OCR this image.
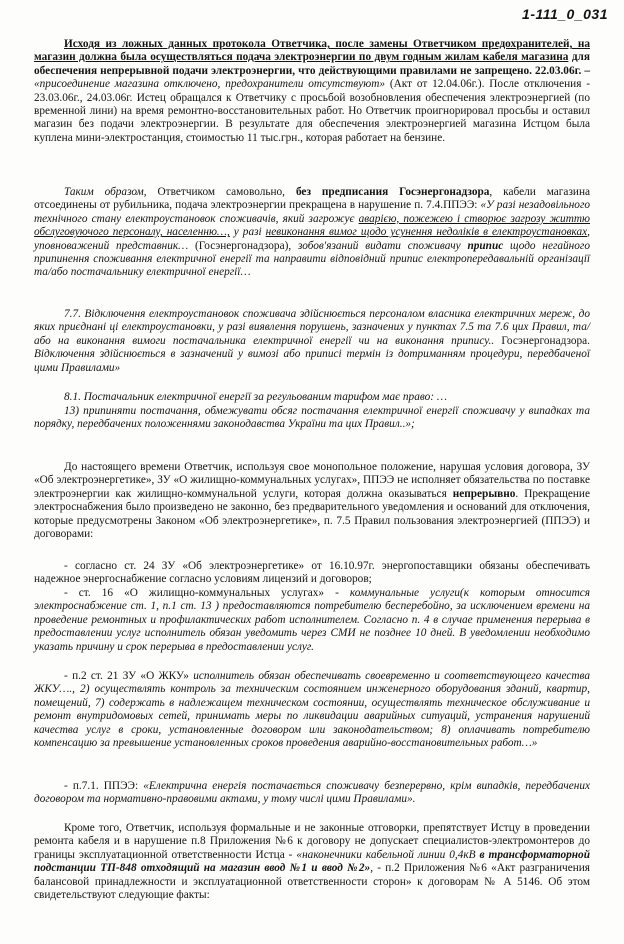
1-111_0_031

Исходя из ложных данных протокола Ответчика, после замены Ответчиком предохранителей, на магазин должна была осуществляться подача электроэнергии по двум годным жилам кабеля магазина для обеспечения непрерывной подачи электроэнергии, что действующими правилами не запрещено. 22.03.06г. – «присоединение магазина отключено, предохранители отсутствуют» (Акт от 12.04.06г.). После отключения - 23.03.06г., 24.03.06г. Истец обращался к Ответчику с просьбой возобновления обеспечения электроэнергией (по временной лини) на время ремонтно-восстановительных работ. Но Ответчик проигнорировал просьбы и оставил магазин без подачи электроэнергии. В результате для обеспечения электроэнергией магазина Истцом была куплена мини-электростанция, стоимостью 11 тыс.грн., которая работает на бензине.

Таким образом, Ответчиком самовольно, без предписания Госэнергонадзора, кабели магазина отсоединены от рубильника, подача электроэнергии прекращена в нарушение п. 7.4.ППЭЭ: «У разі незадовільного технічного стану електроустановок споживачів, який загрожує аварією, пожежею і створює загрозу життю обслуговуючого персоналу, населенню…, у разі невиконання вимог щодо усунення недоліків в електроустановках, уповноважений представник… (Госэнергонадзора), зобов'язаний видати споживачу припис щодо негайного припинення споживання електричної енергії та направити відповідний припис електропередавальній організації та/або постачальнику електричної енергії…

7.7. Відключення електроустановок споживача здійснюється персоналом власника електричних мереж, до яких приєднані ці електроустановки, у разі виявлення порушень, зазначених у пунктах 7.5 та 7.6 цих Правил, та/або на виконання вимоги постачальника електричної енергії чи на виконання припису.. Госэнергонадзора. Відключення здійснюється в зазначений у вимозі або приписі термін із дотриманням процедури, передбаченої цими Правилами»

8.1. Постачальник електричної енергії за регульованим тарифом має право: …

13) припиняти постачання, обмежувати обсяг постачання електричної енергії споживачу у випадках та порядку, передбачених положеннями законодавства України та цих Правил..»;

До настоящего времени Ответчик, используя свое монопольное положение, нарушая условия договора, ЗУ «Об электроэнергетике», ЗУ «О жилищно-коммунальных услугах», ППЭЭ не исполняет обязательства по поставке электроэнергии как жилищно-коммунальной услуги, которая должна оказываться непрерывно. Прекращение электроснабжения было произведено не законно, без предварительного уведомления и оснований для отключения, которые предусмотрены Законом «Об электроэнергетике», п. 7.5 Правил пользования электроэнергией (ППЭЭ) и договорами:

- согласно ст. 24 ЗУ «Об электроэнергетике» от 16.10.97г. энергопоставщики обязаны обеспечивать надежное энергоснабжение согласно условиям лицензий и договоров;

- ст. 16 «О жилищно-коммунальных услугах» - коммунальные услуги(к которым относится электроснабжение ст. 1, п.1 ст. 13 ) предоставляются потребителю бесперебойно, за исключением времени на проведение ремонтных и профилактических работ исполнителем. Согласно п. 4 в случае применения перерыва в предоставлении услуг исполнитель обязан уведомить через СМИ не позднее 10 дней. В уведомлении необходимо указать причину и срок перерыва в предоставлении услуг.

- п.2 ст. 21 ЗУ «О ЖКУ» исполнитель обязан обеспечивать своевременно и соответствующего качества ЖКУ…., 2) осуществлять контроль за техническим состоянием инженерного оборудования зданий, квартир, помещений, 7) содержать в надлежащем техническом состоянии, осуществлять техническое обслуживание и ремонт внутридомовых сетей, принимать меры по ликвидации аварийных ситуаций, устранения нарушений качества услуг в сроки, установленные договором или законодательством; 8) оплачивать потребителю компенсацию за превышение установленных сроков проведения аварийно-восстановительных работ…»

- п.7.1. ППЭЭ: «Електрична енергія постачається споживачу безперервно, крім випадків, передбачених договором та нормативно-правовими актами, у тому числі цими Правилами».

Кроме того, Ответчик, используя формальные и не законные отговорки, препятствует Истцу в проведении ремонта кабеля и в нарушение п.8 Приложения №6 к договору не допускает специалистов-электромонтеров до границы эксплуатационной ответственности Истца - «наконечники кабельной линии 0,4кВ в трансформаторной подстанции ТП-848 отходящий на магазин ввод №1 и ввод №2», - п.2 Приложения №6 «Акт разграничения балансовой принадлежности и эксплуатационной ответственности сторон» к договорам № А 5146. Об этом свидетельствуют следующие факты:
